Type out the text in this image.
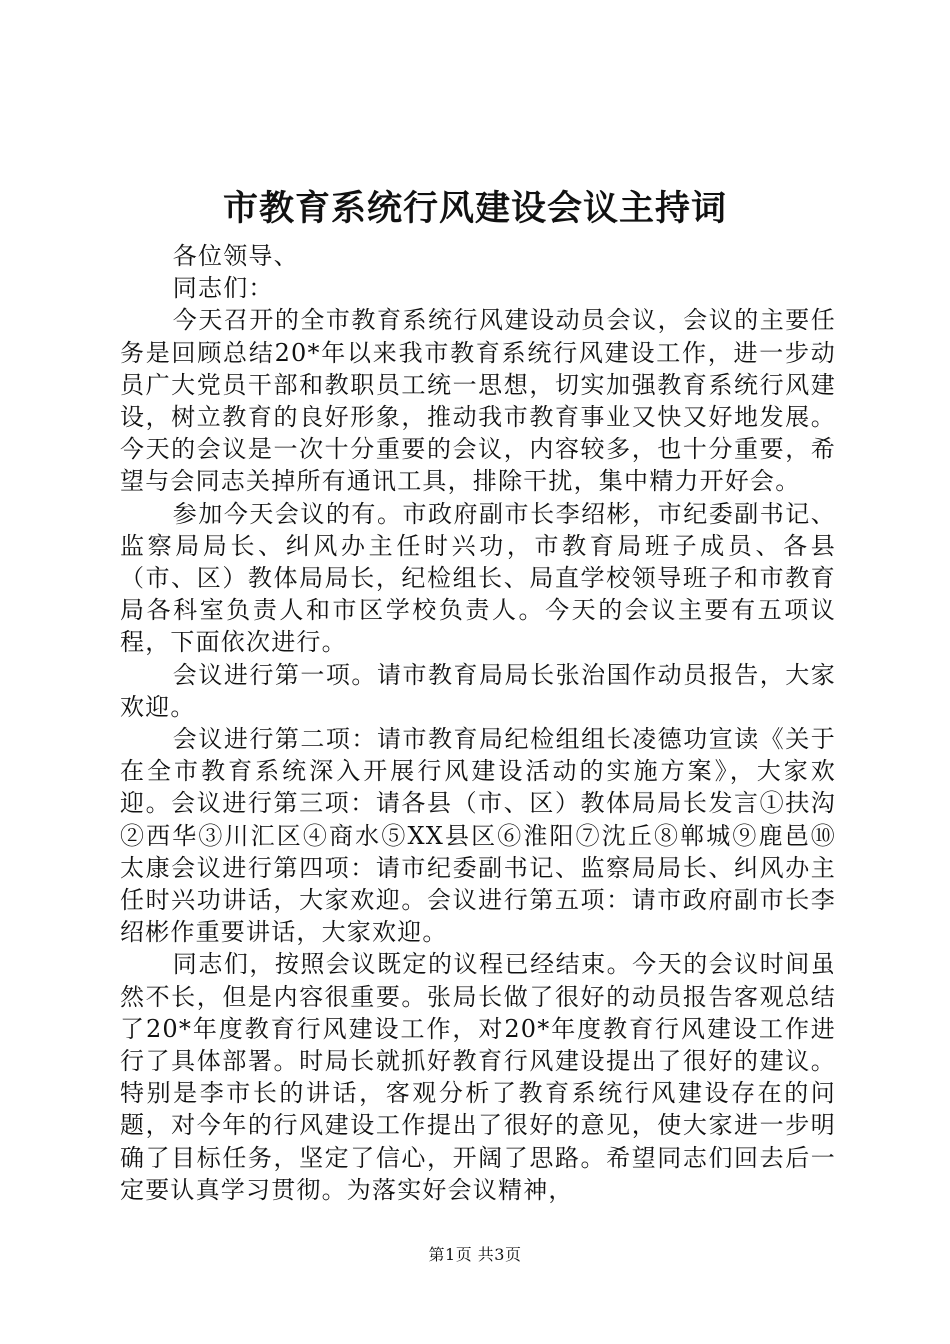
市教育系统行风建设会议主持词

各位领导、

同志们：

今天召开的全市教育系统行风建设动员会议，会议的主要任务是回顾总结20*年以来我市教育系统行风建设工作，进一步动员广大党员干部和教职员工统一思想，切实加强教育系统行风建设，树立教育的良好形象，推动我市教育事业又快又好地发展。今天的会议是一次十分重要的会议，内容较多，也十分重要，希望与会同志关掉所有通讯工具，排除干扰，集中精力开好会。

参加今天会议的有。市政府副市长李绍彬，市纪委副书记、监察局局长、纠风办主任时兴功，市教育局班子成员、各县（市、区）教体局局长，纪检组长、局直学校领导班子和市教育局各科室负责人和市区学校负责人。今天的会议主要有五项议程，下面依次进行。

会议进行第一项。请市教育局局长张治国作动员报告，大家欢迎。

会议进行第二项：请市教育局纪检组组长凌德功宣读《关于在全市教育系统深入开展行风建设活动的实施方案》，大家欢迎。会议进行第三项：请各县（市、区）教体局局长发言①扶沟②西华③川汇区④商水⑤XX县区⑥淮阳⑦沈丘⑧郸城⑨鹿邑⑩太康会议进行第四项：请市纪委副书记、监察局局长、纠风办主任时兴功讲话，大家欢迎。会议进行第五项：请市政府副市长李绍彬作重要讲话，大家欢迎。

同志们，按照会议既定的议程已经结束。今天的会议时间虽然不长，但是内容很重要。张局长做了很好的动员报告客观总结了20*年度教育行风建设工作，对20*年度教育行风建设工作进行了具体部署。时局长就抓好教育行风建设提出了很好的建议。特别是李市长的讲话，客观分析了教育系统行风建设存在的问题，对今年的行风建设工作提出了很好的意见，使大家进一步明确了目标任务，坚定了信心，开阔了思路。希望同志们回去后一定要认真学习贯彻。为落实好会议精神，

第1页 共3页
